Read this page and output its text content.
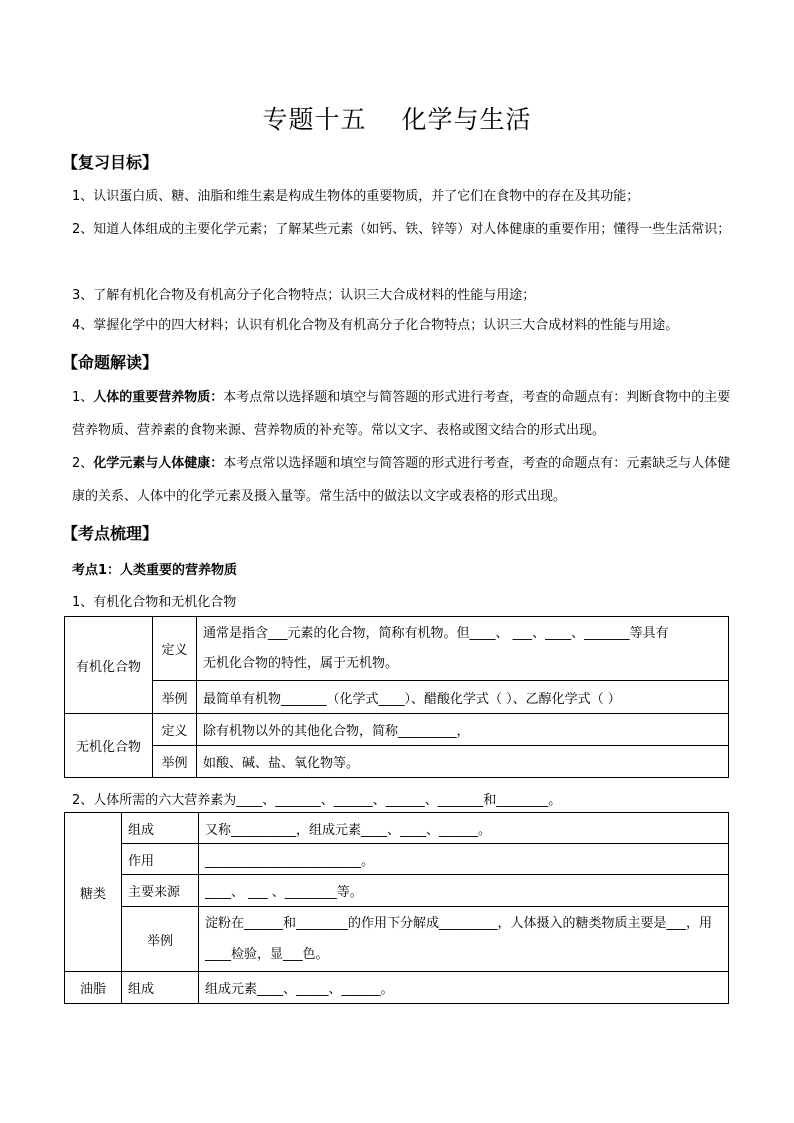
专题十五　 化学与生活
【复习目标】
1、认识蛋白质、糖、油脂和维生素是构成生物体的重要物质，并了它们在食物中的存在及其功能；
2、知道人体组成的主要化学元素；了解某些元素（如钙、铁、锌等）对人体健康的重要作用；懂得一些生活常识；
3、了解有机化合物及有机高分子化合物特点；认识三大合成材料的性能与用途；
4、掌握化学中的四大材料；认识有机化合物及有机高分子化合物特点；认识三大合成材料的性能与用途。
【命题解读】
1、人体的重要营养物质：本考点常以选择题和填空与简答题的形式进行考查，考查的命题点有：判断食物中的主要营养物质、营养素的食物来源、营养物质的补充等。常以文字、表格或图文结合的形式出现。
2、化学元素与人体健康：本考点常以选择题和填空与简答题的形式进行考查，考查的命题点有：元素缺乏与人体健康的关系、人体中的化学元素及摄入量等。常生活中的做法以文字或表格的形式出现。
【考点梳理】
考点1：人类重要的营养物质
1、有机化合物和无机化合物
有机化合物	定义	通常是指含___元素的化合物，简称有机物。但____、 ___、____、_______等具有
无机化合物的特性，属于无机物。

	举例	最简单有机物_______（化学式____）、醋酸化学式（ ）、乙醇化学式（ ）
无机化合物	定义	除有机物以外的其他化合物，简称_________，
	举例	如酸、碱、盐、氧化物等。
2、人体所需的六大营养素为____、_______、______、______、_______和________。
糖类	组成	又称__________，组成元素____、____、______。
	作用	________________________。
	主要来源	____、 ___ 、________等。
	举例	淀粉在______和________的作用下分解成_________，人体摄入的糖类物质主要是___，用____检验，显___色。
油脂	组成	组成元素____、_____、______。
